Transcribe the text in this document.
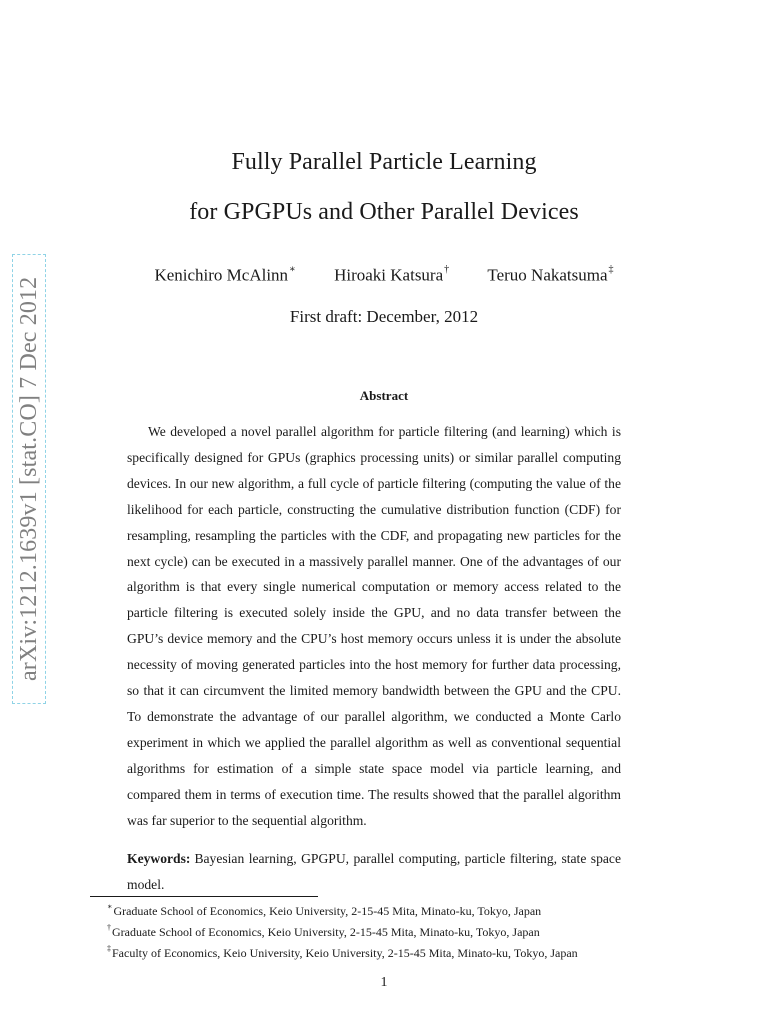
arXiv:1212.1639v1 [stat.CO] 7 Dec 2012
Fully Parallel Particle Learning
for GPGPUs and Other Parallel Devices
Kenichiro McAlinn∗ Hiroaki Katsura† Teruo Nakatsuma‡
First draft: December, 2012
Abstract

We developed a novel parallel algorithm for particle filtering (and learning) which is specifically designed for GPUs (graphics processing units) or similar parallel computing devices. In our new algorithm, a full cycle of particle filtering (computing the value of the likelihood for each particle, constructing the cumulative distribution function (CDF) for resampling, resampling the particles with the CDF, and propagating new particles for the next cycle) can be executed in a massively parallel manner. One of the advantages of our algorithm is that every single numerical computation or memory access related to the particle filtering is executed solely inside the GPU, and no data transfer between the GPU’s device memory and the CPU’s host memory occurs unless it is under the absolute necessity of moving generated particles into the host memory for further data processing, so that it can circumvent the limited memory bandwidth between the GPU and the CPU. To demonstrate the advantage of our parallel algorithm, we conducted a Monte Carlo experiment in which we applied the parallel algorithm as well as conventional sequential algorithms for estimation of a simple state space model via particle learning, and compared them in terms of execution time. The results showed that the parallel algorithm was far superior to the sequential algorithm.

Keywords: Bayesian learning, GPGPU, parallel computing, particle filtering, state space model.

∗Graduate School of Economics, Keio University, 2-15-45 Mita, Minato-ku, Tokyo, Japan
†Graduate School of Economics, Keio University, 2-15-45 Mita, Minato-ku, Tokyo, Japan
‡Faculty of Economics, Keio University, Keio University, 2-15-45 Mita, Minato-ku, Tokyo, Japan
1
